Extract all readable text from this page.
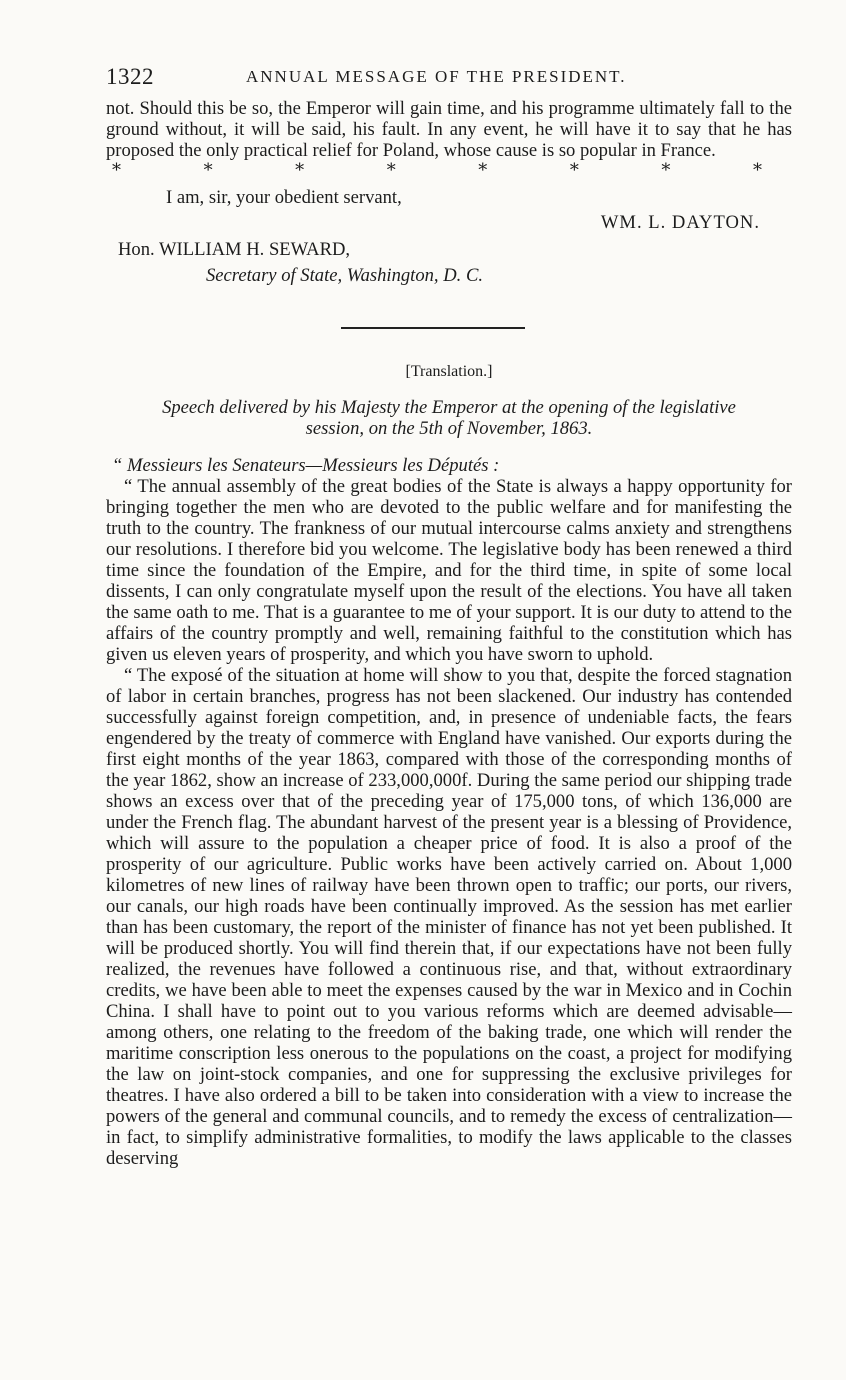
1322	ANNUAL MESSAGE OF THE PRESIDENT.

not. Should this be so, the Emperor will gain time, and his programme ultimately fall to the ground without, it will be said, his fault. In any event, he will have it to say that he has proposed the only practical relief for Poland, whose cause is so popular in France.

*	*	*	*	*	*	*	*
I am, sir, your obedient servant,
WM. L. DAYTON.
Hon. WILLIAM H. SEWARD,
Secretary of State, Washington, D. C.
[Translation.]
Speech delivered by his Majesty the Emperor at the opening of the legislative
session, on the 5th of November, 1863.
“ Messieurs les Senateurs—Messieurs les Députés :

“ The annual assembly of the great bodies of the State is always a happy opportunity for bringing together the men who are devoted to the public welfare and for manifesting the truth to the country. The frankness of our mutual intercourse calms anxiety and strengthens our resolutions. I therefore bid you welcome. The legislative body has been renewed a third time since the foundation of the Empire, and for the third time, in spite of some local dissents, I can only congratulate myself upon the result of the elections. You have all taken the same oath to me. That is a guarantee to me of your support. It is our duty to attend to the affairs of the country promptly and well, remaining faithful to the constitution which has given us eleven years of prosperity, and which you have sworn to uphold.

“ The exposé of the situation at home will show to you that, despite the forced stagnation of labor in certain branches, progress has not been slackened. Our industry has contended successfully against foreign competition, and, in presence of undeniable facts, the fears engendered by the treaty of commerce with England have vanished. Our exports during the first eight months of the year 1863, compared with those of the corresponding months of the year 1862, show an increase of 233,000,000f. During the same period our shipping trade shows an excess over that of the preceding year of 175,000 tons, of which 136,000 are under the French flag. The abundant harvest of the present year is a blessing of Providence, which will assure to the population a cheaper price of food. It is also a proof of the prosperity of our agriculture. Public works have been actively carried on. About 1,000 kilometres of new lines of railway have been thrown open to traffic; our ports, our rivers, our canals, our high roads have been continually improved. As the session has met earlier than has been customary, the report of the minister of finance has not yet been published. It will be produced shortly. You will find therein that, if our expectations have not been fully realized, the revenues have followed a continuous rise, and that, without extraordinary credits, we have been able to meet the expenses caused by the war in Mexico and in Cochin China. I shall have to point out to you various reforms which are deemed advisable—among others, one relating to the freedom of the baking trade, one which will render the maritime conscription less onerous to the populations on the coast, a project for modifying the law on joint-stock companies, and one for suppressing the exclusive privileges for theatres. I have also ordered a bill to be taken into consideration with a view to increase the powers of the general and communal councils, and to remedy the excess of centralization—in fact, to simplify administrative formalities, to modify the laws applicable to the classes deserving
